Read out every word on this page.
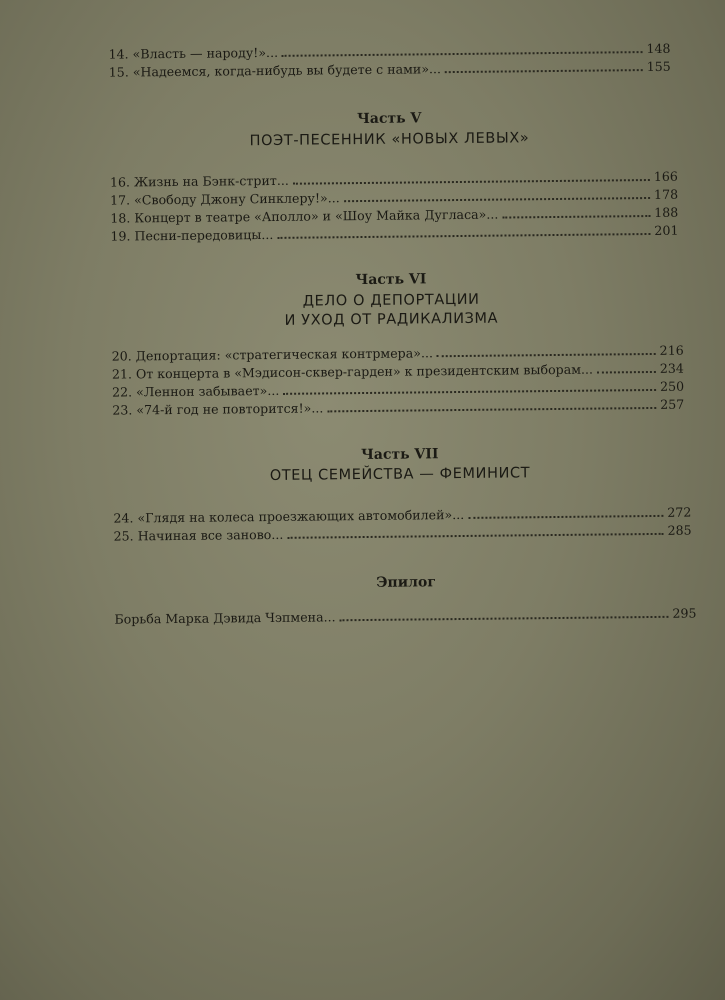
14. «Власть — народу!»...	148
15. «Надеемся, когда-нибудь вы будете с нами»...	155
Часть V
ПОЭТ-ПЕСЕННИК «НОВЫХ ЛЕВЫХ»
16. Жизнь на Бэнк-стрит...	166
17. «Свободу Джону Синклеру!»...	178
18. Концерт в театре «Аполло» и «Шоу Майка Дугласа»...	188
19. Песни-передовицы...	201
Часть VI
ДЕЛО О ДЕПОРТАЦИИ
И УХОД ОТ РАДИКАЛИЗМА
20. Депортация: «стратегическая контрмера»...	216
21. От концерта в «Мэдисон-сквер-гарден» к президентским выборам...	234
22. «Леннон забывает»...	250
23. «74-й год не повторится!»...	257
Часть VII
ОТЕЦ СЕМЕЙСТВА — ФЕМИНИСТ
24. «Глядя на колеса проезжающих автомобилей»...	272
25. Начиная все заново...	285
Эпилог
Борьба Марка Дэвида Чэпмена...	295
